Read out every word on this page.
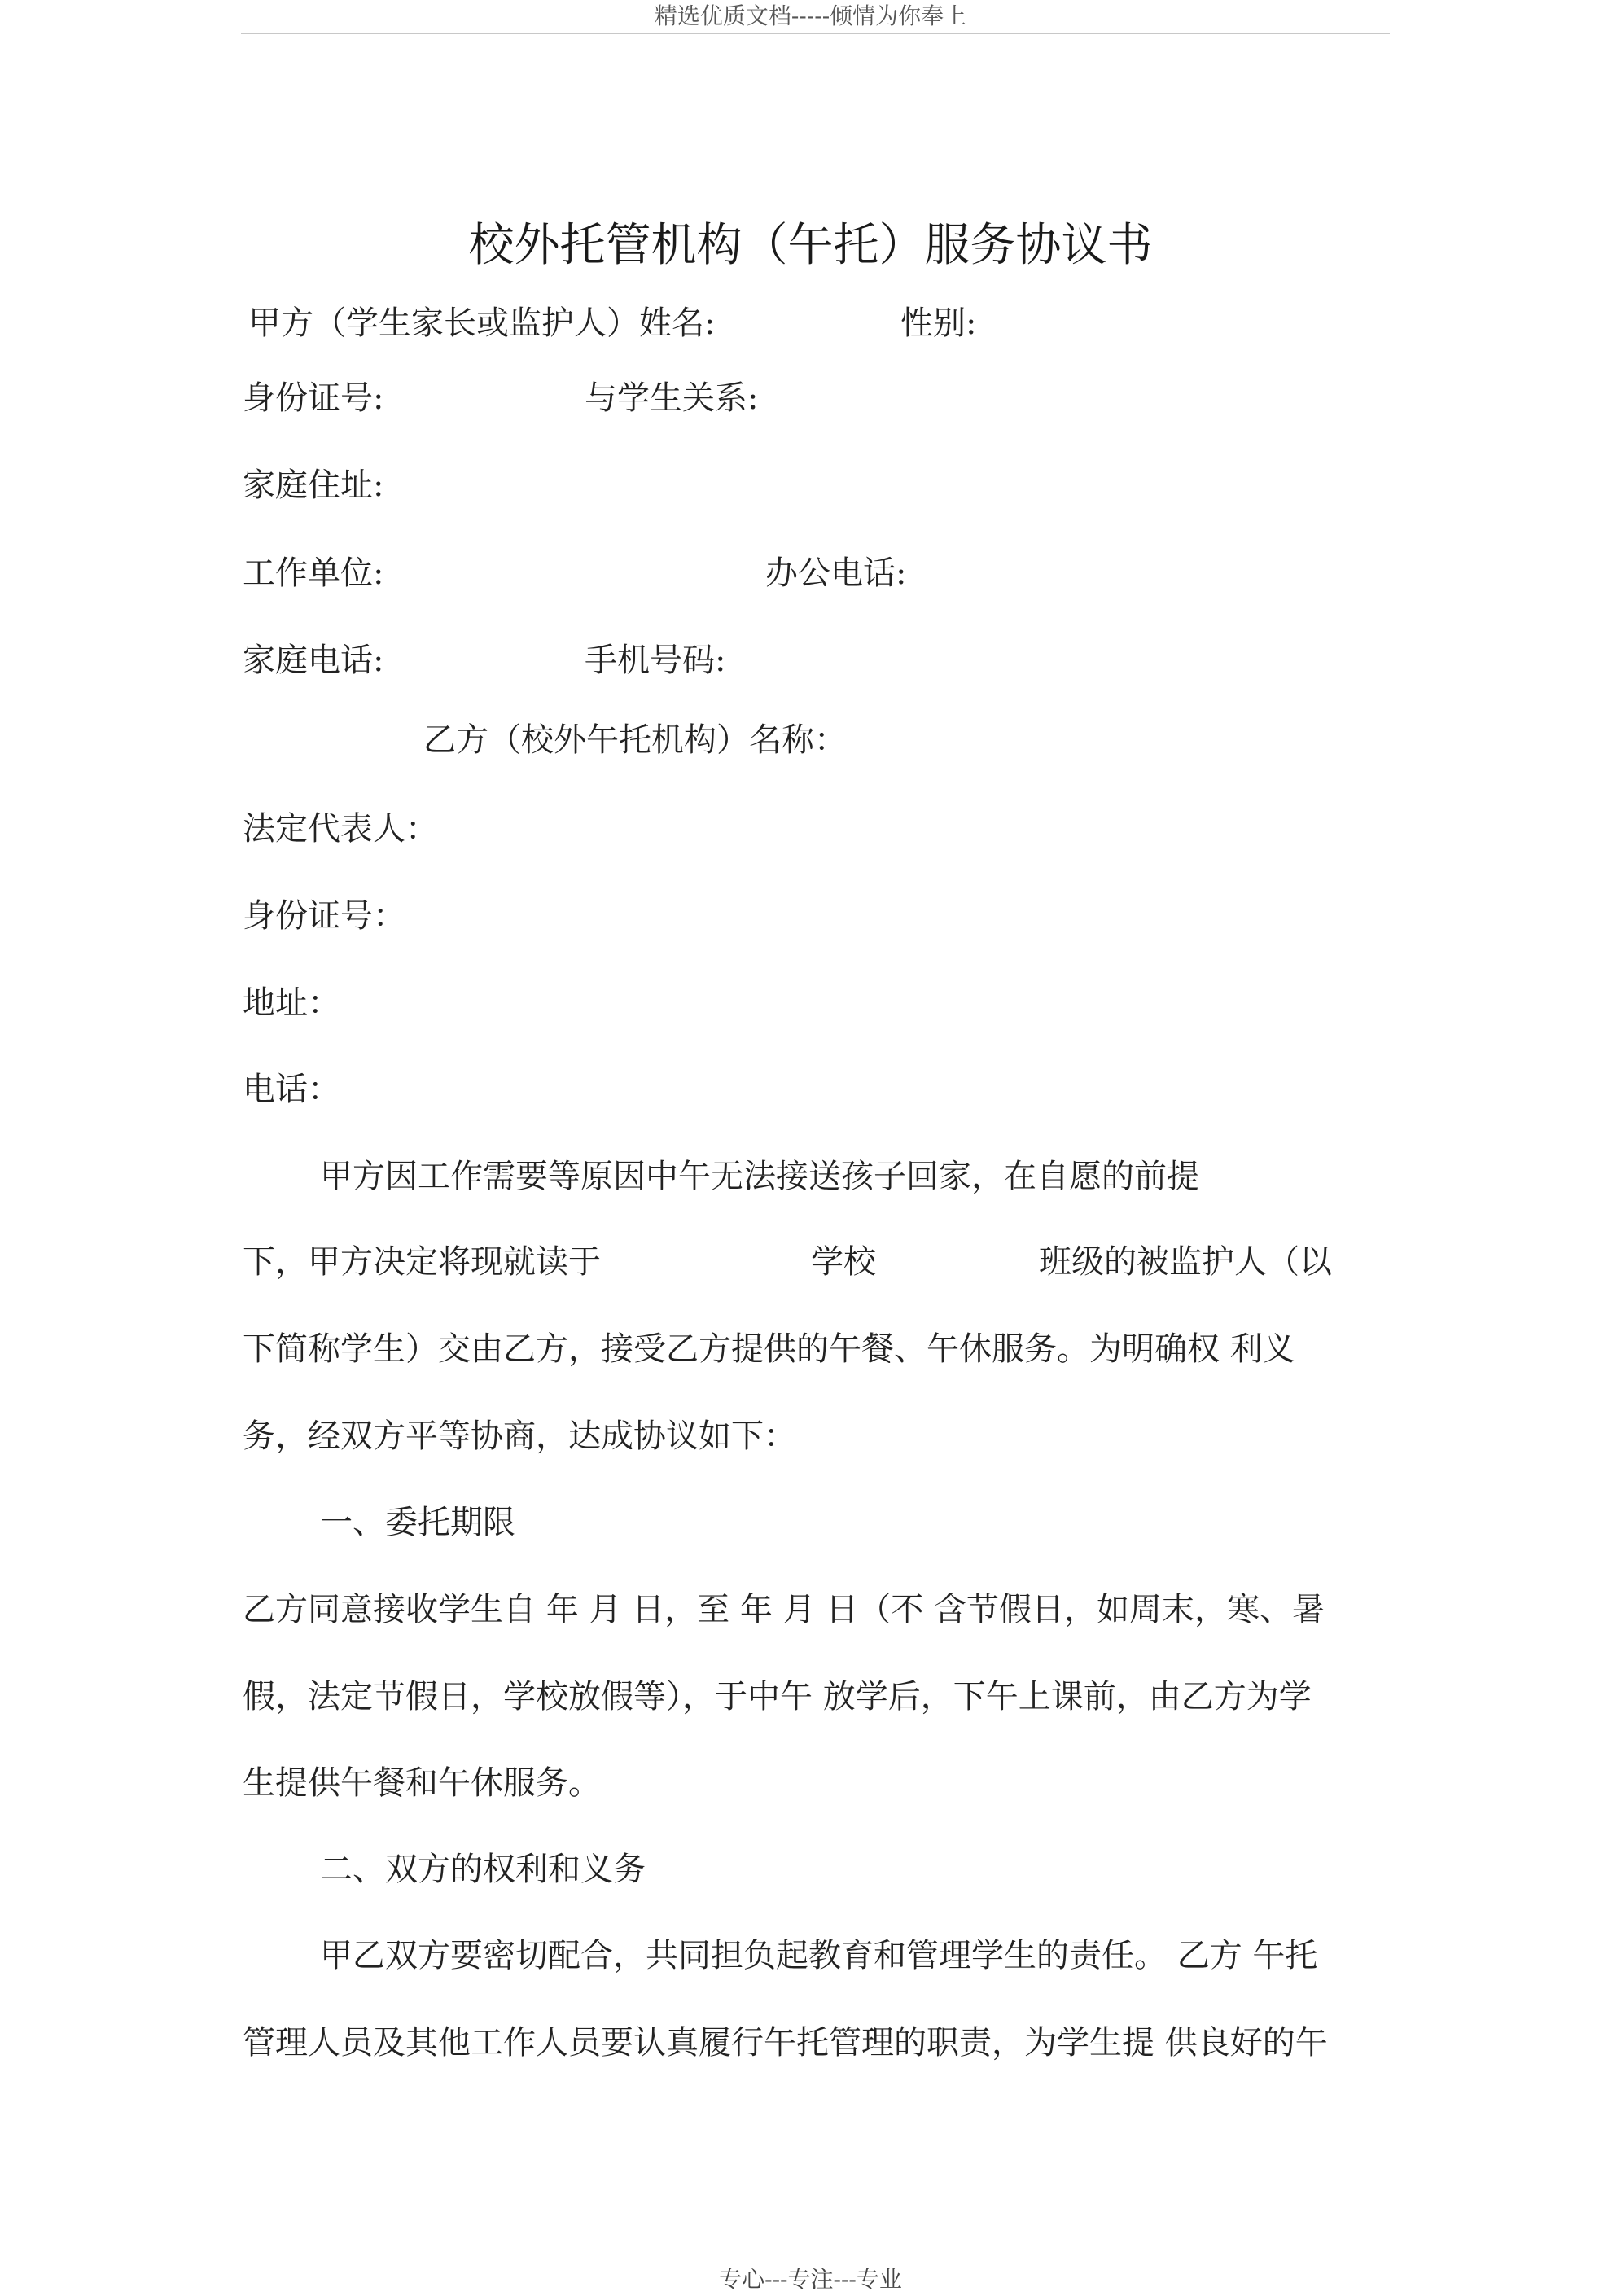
精选优质文档-----倾情为你奉上
校外托管机构（午托）服务协议书
甲方（学生家长或监护人）姓名:	性别:
身份证号:	与学生关系:
家庭住址:
工作单位:	办公电话:
家庭电话:	手机号码:
乙方（校外午托机构）名称：
法定代表人：
身份证号：
地址：
电话：
甲方因工作需要等原因中午无法接送孩子回家，在自愿的前提
下，甲方决定将现就读于	学校	班级的被监护人（以
下简称学生）交由乙方，接受乙方提供的午餐、午休服务。为明确权 利义
务，经双方平等协商，达成协议如下：
一、委托期限
乙方同意接收学生自 年 月 日，至 年 月 日（不 含节假日，如周末，寒、暑
假，法定节假日，学校放假等），于中午 放学后，下午上课前，由乙方为学
生提供午餐和午休服务。
二、双方的权利和义务
甲乙双方要密切配合，共同担负起教育和管理学生的责任。 乙方 午托
管理人员及其他工作人员要认真履行午托管理的职责，为学生提 供良好的午
专心---专注---专业
